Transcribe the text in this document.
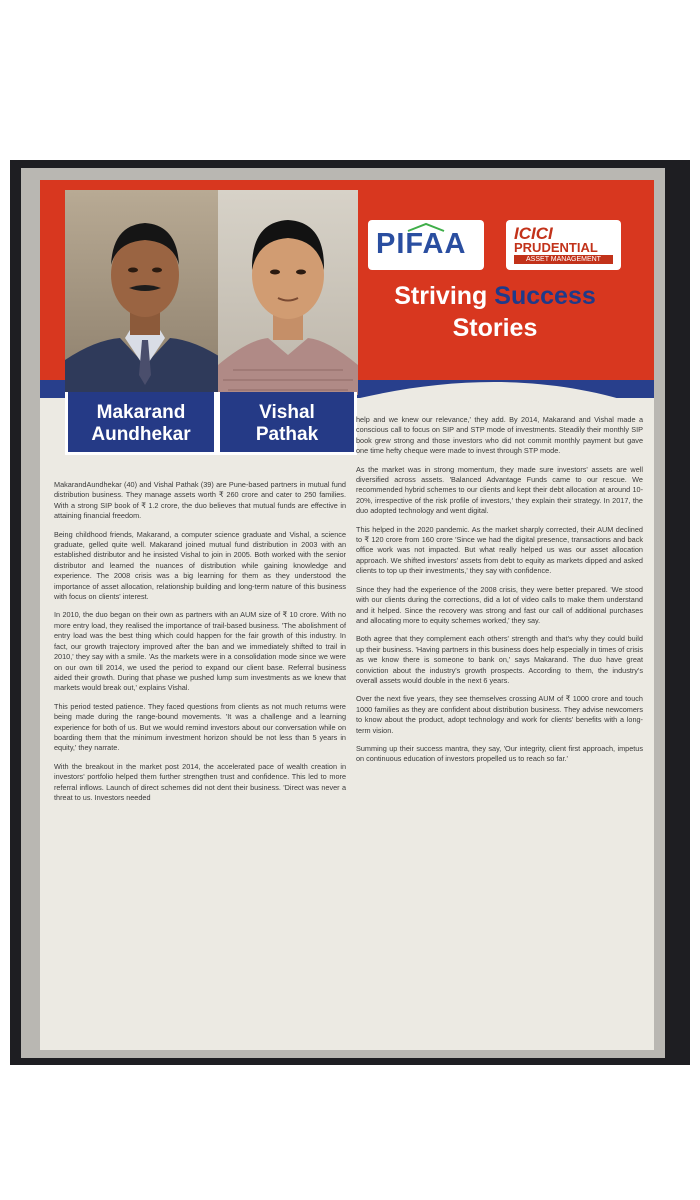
Makarand
Aundhekar
Vishal
Pathak
PIFAA	ICICI
PRUDENTIAL
ASSET MANAGEMENT
Striving Success
Stories

MakarandAundhekar (40) and Vishal Pathak (39) are Pune-based partners in mutual fund distribution business. They manage assets worth ₹ 260 crore and cater to 250 families. With a strong SIP book of ₹ 1.2 crore, the duo believes that mutual funds are effective in attaining financial freedom.

Being childhood friends, Makarand, a computer science graduate and Vishal, a science graduate, gelled quite well. Makarand joined mutual fund distribution in 2003 with an established distributor and he insisted Vishal to join in 2005. Both worked with the senior distributor and learned the nuances of distribution while gaining knowledge and experience. The 2008 crisis was a big learning for them as they understood the importance of asset allocation, relationship building and long-term nature of this business with focus on clients' interest.

In 2010, the duo began on their own as partners with an AUM size of ₹ 10 crore. With no more entry load, they realised the importance of trail-based business. 'The abolishment of entry load was the best thing which could happen for the fair growth of this industry. In fact, our growth trajectory improved after the ban and we immediately shifted to trail in 2010,' they say with a smile. 'As the markets were in a consolidation mode since we were on our own till 2014, we used the period to expand our client base. Referral business aided their growth. During that phase we pushed lump sum investments as we knew that markets would break out,' explains Vishal.

This period tested patience. They faced questions from clients as not much returns were being made during the range-bound movements. 'It was a challenge and a learning experience for both of us. But we would remind investors about our conversation while on boarding them that the minimum investment horizon should be not less than 5 years in equity,' they narrate.

With the breakout in the market post 2014, the accelerated pace of wealth creation in investors' portfolio helped them further strengthen trust and confidence. This led to more referral inflows. Launch of direct schemes did not dent their business. 'Direct was never a threat to us. Investors needed

help and we knew our relevance,' they add. By 2014, Makarand and Vishal made a conscious call to focus on SIP and STP mode of investments. Steadily their monthly SIP book grew strong and those investors who did not commit monthly payment but gave one time hefty cheque were made to invest through STP mode.

As the market was in strong momentum, they made sure investors' assets are well diversified across assets. 'Balanced Advantage Funds came to our rescue. We recommended hybrid schemes to our clients and kept their debt allocation at around 10-20%, irrespective of the risk profile of investors,' they explain their strategy. In 2017, the duo adopted technology and went digital.

This helped in the 2020 pandemic. As the market sharply corrected, their AUM declined to ₹ 120 crore from 160 crore 'Since we had the digital presence, transactions and back office work was not impacted. But what really helped us was our asset allocation approach. We shifted investors' assets from debt to equity as markets dipped and asked clients to top up their investments,' they say with confidence.

Since they had the experience of the 2008 crisis, they were better prepared. 'We stood with our clients during the corrections, did a lot of video calls to make them understand and it helped. Since the recovery was strong and fast our call of additional purchases and allocating more to equity schemes worked,' they say.

Both agree that they complement each others' strength and that's why they could build up their business. 'Having partners in this business does help especially in times of crisis as we know there is someone to bank on,' says Makarand. The duo have great conviction about the industry's growth prospects. According to them, the industry's overall assets would double in the next 6 years.

Over the next five years, they see themselves crossing AUM of ₹ 1000 crore and touch 1000 families as they are confident about distribution business. They advise newcomers to know about the product, adopt technology and work for clients' benefits with a long-term vision.

Summing up their success mantra, they say, 'Our integrity, client first approach, impetus on continuous education of investors propelled us to reach so far.'
